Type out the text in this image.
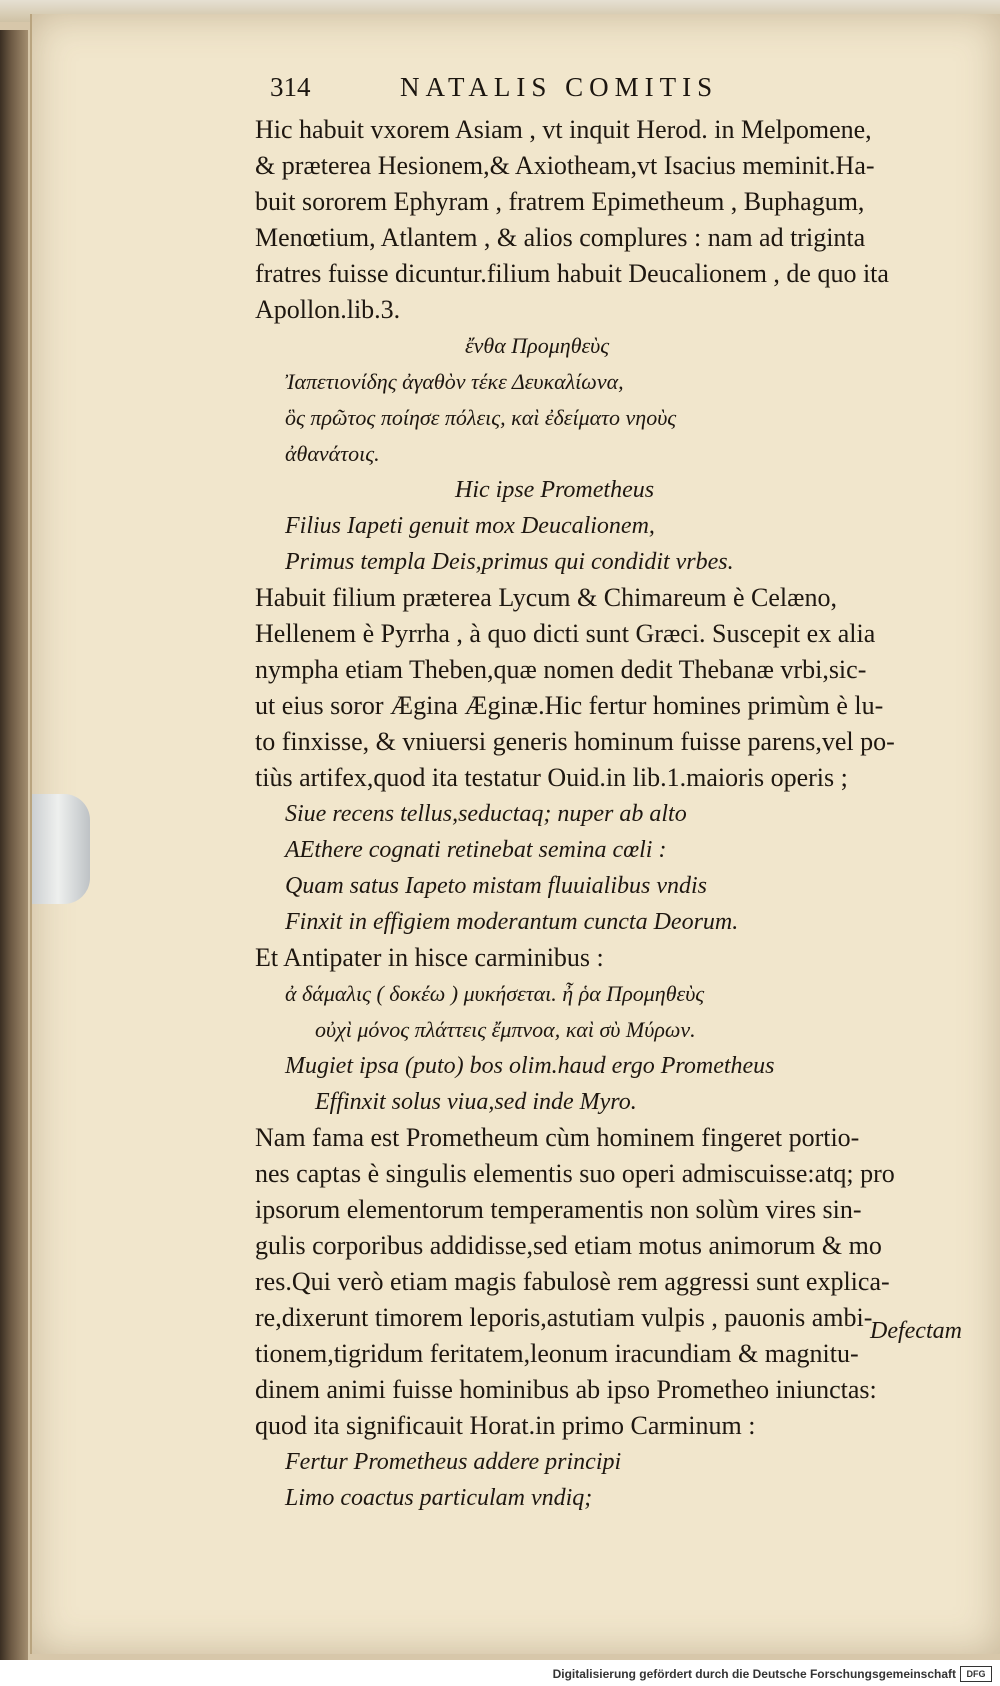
314	NATALIS COMITIS

Hic habuit vxorem Asiam , vt inquit Herod. in Melpomene,

& præterea Hesionem,& Axiotheam,vt Isacius meminit.Ha-

buit sororem Ephyram , fratrem Epimetheum , Buphagum,

Menœtium, Atlantem , & alios complures : nam ad triginta

fratres fuisse dicuntur.filium habuit Deucalionem , de quo ita

Apollon.lib.3.

ἔνθα Προμηθεὺς

Ἰαπετιονίδης ἀγαθὸν τέκε Δευκαλίωνα,

ὃς πρῶτος ποίησε πόλεις, καὶ ἐδείματο νηοὺς

ἀθανάτοις.

Hic ipse Prometheus

Filius Iapeti genuit mox Deucalionem,

Primus templa Deis,primus qui condidit vrbes.

Habuit filium præterea Lycum & Chimareum è Celæno,

Hellenem è Pyrrha , à quo dicti sunt Græci. Suscepit ex alia

nympha etiam Theben,quæ nomen dedit Thebanæ vrbi,sic-

ut eius soror Ægina Æginæ.Hic fertur homines primùm è lu-

to finxisse, & vniuersi generis hominum fuisse parens,vel po-

tiùs artifex,quod ita testatur Ouid.in lib.1.maioris operis ;

Siue recens tellus,seductaq; nuper ab alto

AEthere cognati retinebat semina cœli :

Quam satus Iapeto mistam fluuialibus vndis

Finxit in effigiem moderantum cuncta Deorum.

Et Antipater in hisce carminibus :

ἀ δάμαλις ( δοκέω ) μυκήσεται. ἦ ῥα Προμηθεὺς

οὐχὶ μόνος πλάττεις ἔμπνοα, καὶ σὺ Μύρων.

Mugiet ipsa (puto) bos olim.haud ergo Prometheus

Effinxit solus viua,sed inde Myro.

Nam fama est Prometheum cùm hominem fingeret portio-

nes captas è singulis elementis suo operi admiscuisse:atq; pro

ipsorum elementorum temperamentis non solùm vires sin-

gulis corporibus addidisse,sed etiam motus animorum & mo

res.Qui verò etiam magis fabulosè rem aggressi sunt explica-

re,dixerunt timorem leporis,astutiam vulpis , pauonis ambi-

tionem,tigridum feritatem,leonum iracundiam & magnitu-

dinem animi fuisse hominibus ab ipso Prometheo iniunctas:

quod ita significauit Horat.in primo Carminum :

Fertur Prometheus addere principi

Limo coactus particulam vndiq;

Defectam
Digitalisierung gefördert durch die Deutsche Forschungsgemeinschaft	DFG
